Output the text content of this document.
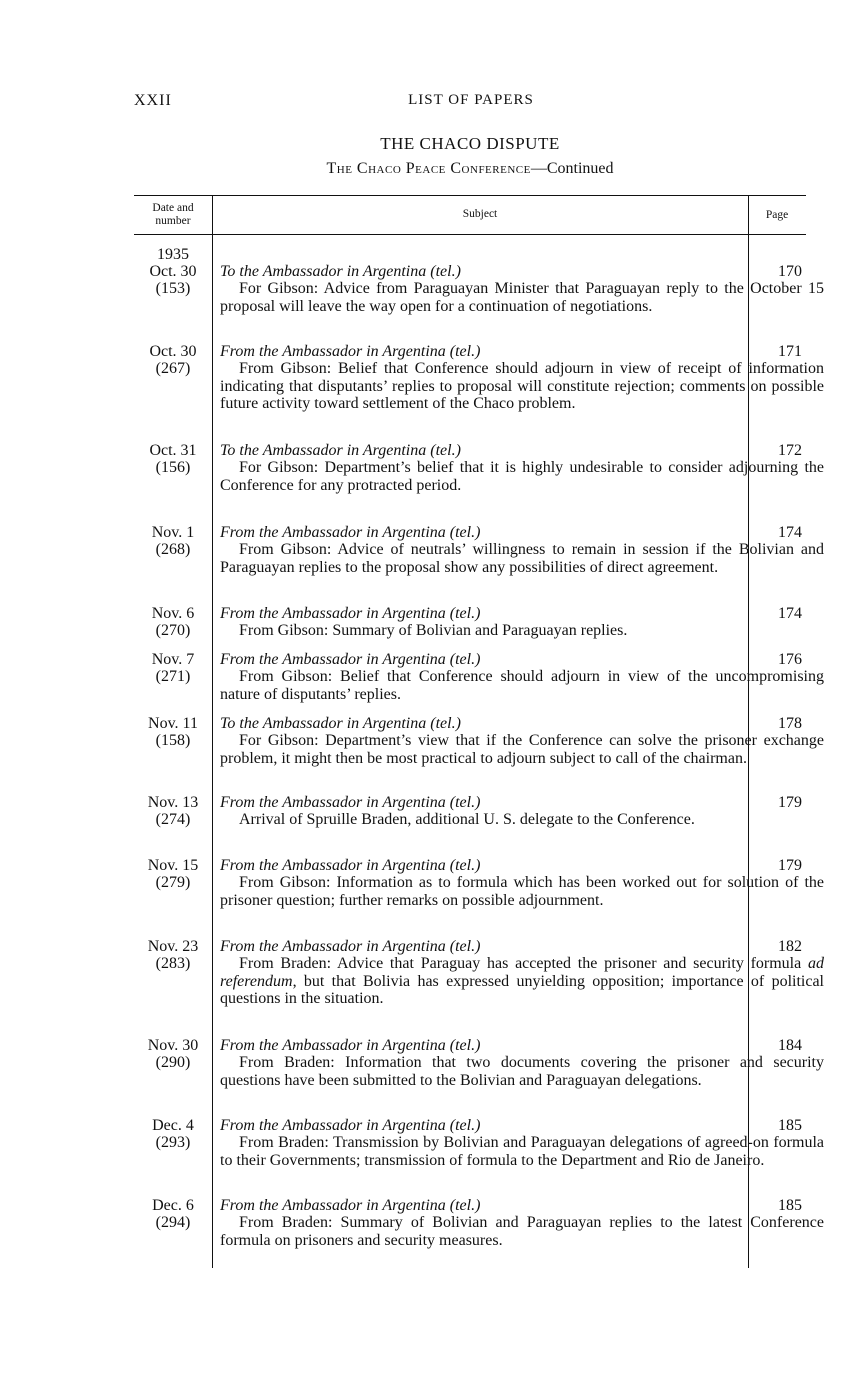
XXII	LIST OF PAPERS
THE CHACO DISPUTE
The Chaco Peace Conference—Continued
Date and number
Subject	Page
1935
Oct. 30
(153)
To the Ambassador in Argentina (tel.)
For Gibson: Advice from Paraguayan Minister that Paraguayan reply to the October 15 proposal will leave the way open for a continuation of negotiations.
170
Oct. 30
(267)
From the Ambassador in Argentina (tel.)
From Gibson: Belief that Conference should adjourn in view of receipt of information indicating that disputants’ replies to proposal will constitute rejection; comments on possible future activity toward settlement of the Chaco problem.
171
Oct. 31
(156)
To the Ambassador in Argentina (tel.)
For Gibson: Department’s belief that it is highly undesirable to consider adjourning the Conference for any protracted period.
172
Nov. 1
(268)
From the Ambassador in Argentina (tel.)
From Gibson: Advice of neutrals’ willingness to remain in session if the Bolivian and Paraguayan replies to the proposal show any possibilities of direct agreement.
174
Nov. 6
(270)
From the Ambassador in Argentina (tel.)
From Gibson: Summary of Bolivian and Paraguayan replies.
174
Nov. 7
(271)
From the Ambassador in Argentina (tel.)
From Gibson: Belief that Conference should adjourn in view of the uncompromising nature of disputants’ replies.
176
Nov. 11
(158)
To the Ambassador in Argentina (tel.)
For Gibson: Department’s view that if the Conference can solve the prisoner exchange problem, it might then be most practical to adjourn subject to call of the chairman.
178
Nov. 13
(274)
From the Ambassador in Argentina (tel.)
Arrival of Spruille Braden, additional U. S. delegate to the Conference.
179
Nov. 15
(279)
From the Ambassador in Argentina (tel.)
From Gibson: Information as to formula which has been worked out for solution of the prisoner question; further remarks on possible adjournment.
179
Nov. 23
(283)
From the Ambassador in Argentina (tel.)
From Braden: Advice that Paraguay has accepted the prisoner and security formula ad referendum, but that Bolivia has expressed unyielding opposition; importance of political questions in the situation.
182
Nov. 30
(290)
From the Ambassador in Argentina (tel.)
From Braden: Information that two documents covering the prisoner and security questions have been submitted to the Bolivian and Paraguayan delegations.
184
Dec. 4
(293)
From the Ambassador in Argentina (tel.)
From Braden: Transmission by Bolivian and Paraguayan delegations of agreed-on formula to their Governments; transmission of formula to the Department and Rio de Janeiro.
185
Dec. 6
(294)
From the Ambassador in Argentina (tel.)
From Braden: Summary of Bolivian and Paraguayan replies to the latest Conference formula on prisoners and security measures.
185
